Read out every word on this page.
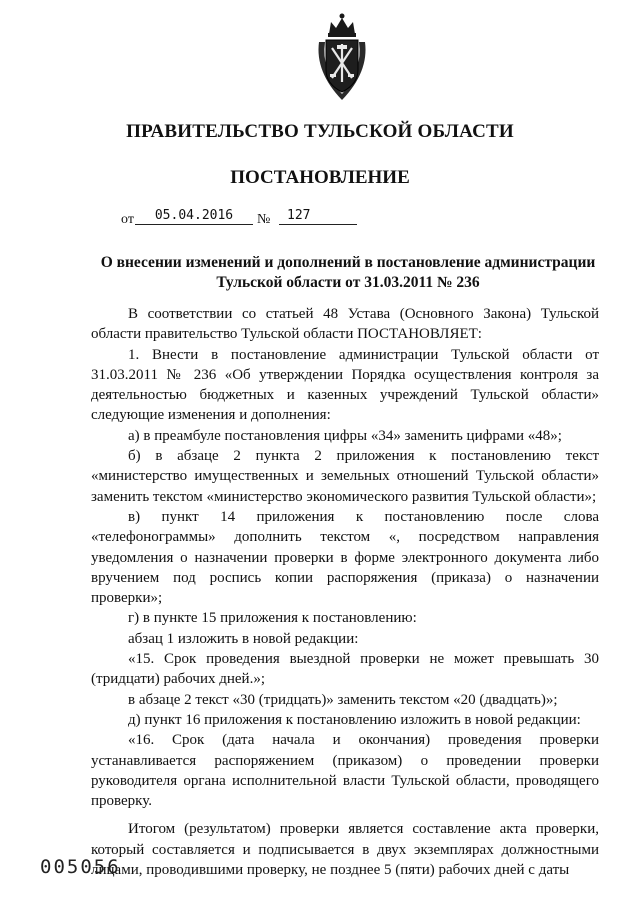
ПРАВИТЕЛЬСТВО ТУЛЬСКОЙ ОБЛАСТИ
ПОСТАНОВЛЕНИЕ
от	05.04.2016	№	127
О внесении изменений и дополнений в постановление администрации
Тульской области от 31.03.2011 № 236

В соответствии со статьей 48 Устава (Основного Закона) Тульской области правительство Тульской области ПОСТАНОВЛЯЕТ:

1. Внести в постановление администрации Тульской области от 31.03.2011 № 236 «Об утверждении Порядка осуществления контроля за деятельностью бюджетных и казенных учреждений Тульской области» следующие изменения и дополнения:

а) в преамбуле постановления цифры «34» заменить цифрами «48»;

б) в абзаце 2 пункта 2 приложения к постановлению текст «министерство имущественных и земельных отношений Тульской области» заменить текстом «министерство экономического развития Тульской области»;

в) пункт 14 приложения к постановлению после слова «телефонограммы» дополнить текстом «, посредством направления уведомления о назначении проверки в форме электронного документа либо вручением под роспись копии распоряжения (приказа) о назначении проверки»;

г) в пункте 15 приложения к постановлению:

абзац 1 изложить в новой редакции:

«15. Срок проведения выездной проверки не может превышать 30 (тридцати) рабочих дней.»;

в абзаце 2 текст «30 (тридцать)» заменить текстом «20 (двадцать)»;

д) пункт 16 приложения к постановлению изложить в новой редакции:

«16. Срок (дата начала и окончания) проведения проверки устанавливается распоряжением (приказом) о проведении проверки руководителя органа исполнительной власти Тульской области, проводящего проверку.

Итогом (результатом) проверки является составление акта проверки, который составляется и подписывается в двух экземплярах должностными лицами, проводившими проверку, не позднее 5 (пяти) рабочих дней с даты

005056
